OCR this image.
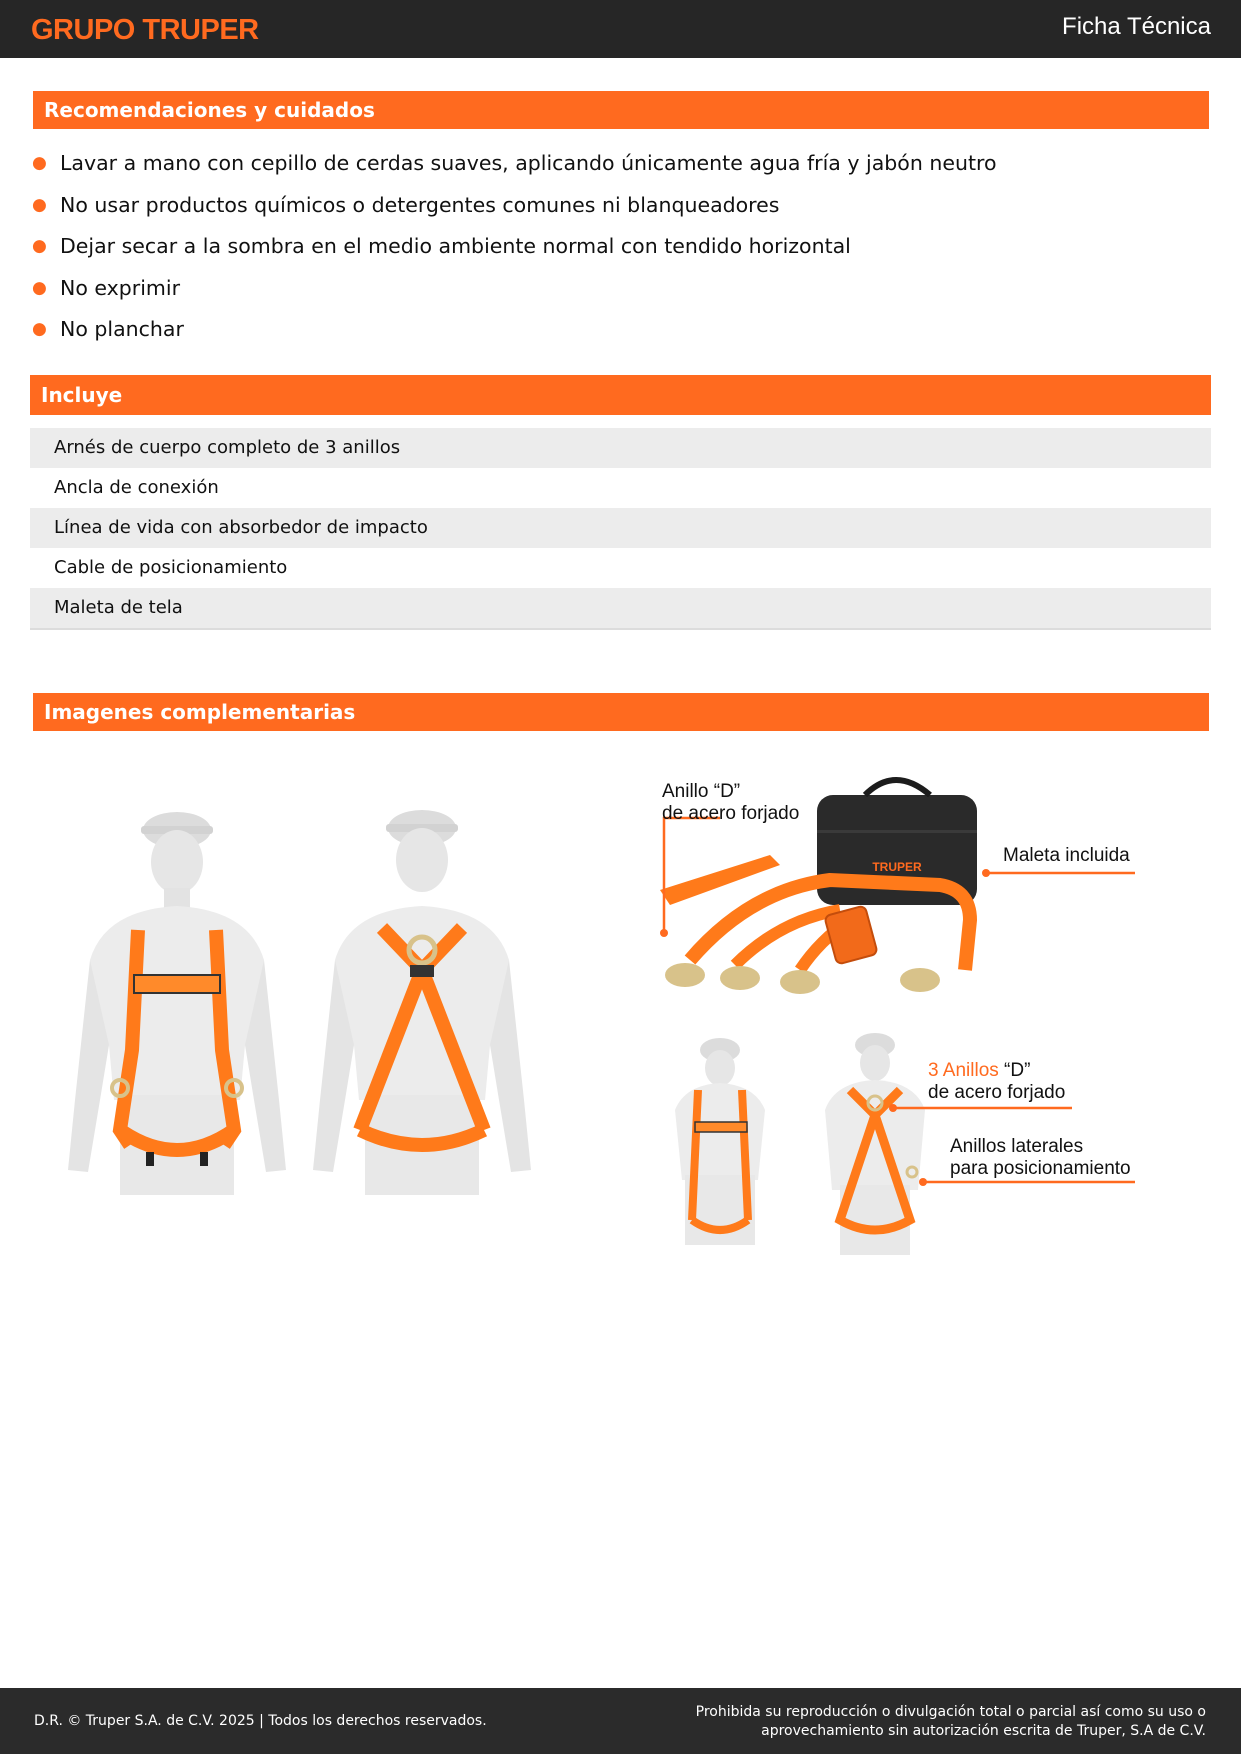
GRUPO TRUPER	Ficha Técnica
Recomendaciones y cuidados
● Lavar a mano con cepillo de cerdas suaves, aplicando únicamente agua fría y jabón neutro
● No usar productos químicos o detergentes comunes ni blanqueadores
● Dejar secar a la sombra en el medio ambiente normal con tendido horizontal
● No exprimir
● No planchar
Incluye
Arnés de cuerpo completo de 3 anillos
Ancla de conexión
Línea de vida con absorbedor de impacto
Cable de posicionamiento
Maleta de tela
Imagenes complementarias
TRUPER
Anillo “D”
de acero forjado
Maleta incluida
3 Anillos “D”
de acero forjado
Anillos laterales
para posicionamiento
D.R. © Truper S.A. de C.V. 2025 | Todos los derechos reservados.
Prohibida su reproducción o divulgación total o parcial así como su uso o
aprovechamiento sin autorización escrita de Truper, S.A de C.V.
